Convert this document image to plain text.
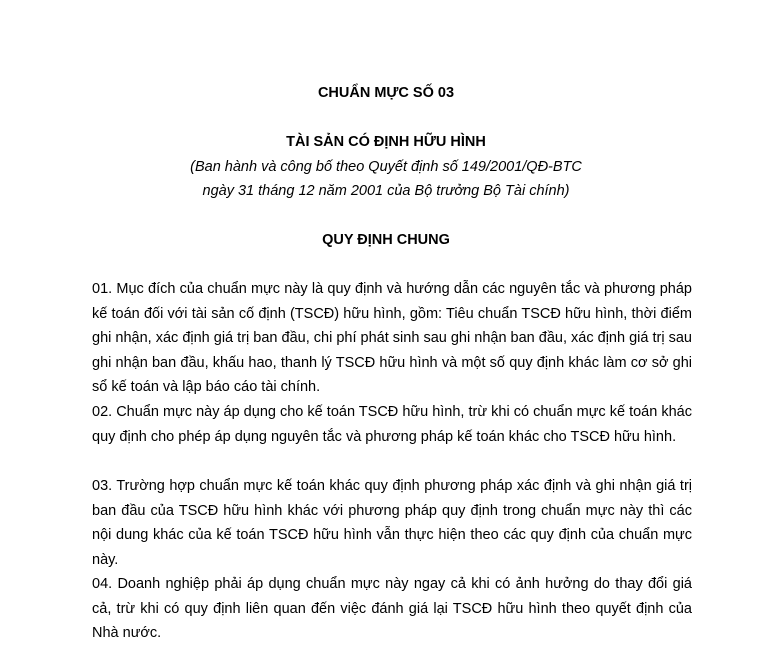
CHUẨN MỰC SỐ 03
TÀI SẢN CÓ ĐỊNH HỮU HÌNH
(Ban hành và công bố theo Quyết định số 149/2001/QĐ-BTC
ngày 31 tháng 12 năm 2001 của Bộ trưởng Bộ Tài chính)
QUY ĐỊNH CHUNG

01. Mục đích của chuẩn mực này là quy định và hướng dẫn các nguyên tắc và phương pháp kế toán đối với tài sản cố định (TSCĐ) hữu hình, gồm: Tiêu chuẩn TSCĐ hữu hình, thời điểm ghi nhận, xác định giá trị ban đầu, chi phí phát sinh sau ghi nhận ban đầu, xác định giá trị sau ghi nhận ban đầu, khấu hao, thanh lý TSCĐ hữu hình và một số quy định khác làm cơ sở ghi sổ kế toán và lập báo cáo tài chính.

02. Chuẩn mực này áp dụng cho kế toán TSCĐ hữu hình, trừ khi có chuẩn mực kế toán khác quy định cho phép áp dụng nguyên tắc và phương pháp kế toán khác cho TSCĐ hữu hình.

03. Trường hợp chuẩn mực kế toán khác quy định phương pháp xác định và ghi nhận giá trị ban đầu của TSCĐ hữu hình khác với phương pháp quy định trong chuẩn mực này thì các nội dung khác của kế toán TSCĐ hữu hình vẫn thực hiện theo các quy định của chuẩn mực này.

04. Doanh nghiệp phải áp dụng chuẩn mực này ngay cả khi có ảnh hưởng do thay đổi giá cả, trừ khi có quy định liên quan đến việc đánh giá lại TSCĐ hữu hình theo quyết định của Nhà nước.
